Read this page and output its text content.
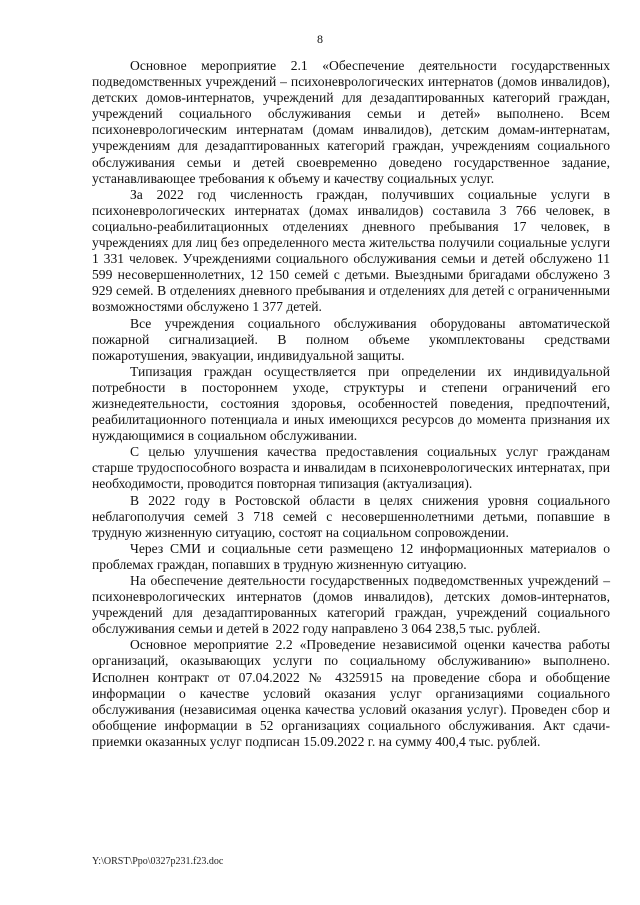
8

Основное мероприятие 2.1 «Обеспечение деятельности государственных подведомственных учреждений – психоневрологических интернатов (домов инвалидов), детских домов-интернатов, учреждений для дезадаптированных категорий граждан, учреждений социального обслуживания семьи и детей» выполнено. Всем психоневрологическим интернатам (домам инвалидов), детским домам-интернатам, учреждениям для дезадаптированных категорий граждан, учреждениям социального обслуживания семьи и детей своевременно доведено государственное задание, устанавливающее требования к объему и качеству социальных услуг.

За 2022 год численность граждан, получивших социальные услуги в психоневрологических интернатах (домах инвалидов) составила 3 766 человек, в социально-реабилитационных отделениях дневного пребывания 17 человек, в учреждениях для лиц без определенного места жительства получили социальные услуги 1 331 человек. Учреждениями социального обслуживания семьи и детей обслужено 11 599 несовершеннолетних, 12 150 семей с детьми. Выездными бригадами обслужено 3 929 семей. В отделениях дневного пребывания и отделениях для детей с ограниченными возможностями обслужено 1 377 детей.

Все учреждения социального обслуживания оборудованы автоматической пожарной сигнализацией. В полном объеме укомплектованы средствами пожаротушения, эвакуации, индивидуальной защиты.

Типизация граждан осуществляется при определении их индивидуальной потребности в постороннем уходе, структуры и степени ограничений его жизнедеятельности, состояния здоровья, особенностей поведения, предпочтений, реабилитационного потенциала и иных имеющихся ресурсов до момента признания их нуждающимися в социальном обслуживании.

С целью улучшения качества предоставления социальных услуг гражданам старше трудоспособного возраста и инвалидам в психоневрологических интернатах, при необходимости, проводится повторная типизация (актуализация).

В 2022 году в Ростовской области в целях снижения уровня социального неблагополучия семей 3 718 семей с несовершеннолетними детьми, попавшие в трудную жизненную ситуацию, состоят на социальном сопровождении.

Через СМИ и социальные сети размещено 12 информационных материалов о проблемах граждан, попавших в трудную жизненную ситуацию.

На обеспечение деятельности государственных подведомственных учреждений – психоневрологических интернатов (домов инвалидов), детских домов-интернатов, учреждений для дезадаптированных категорий граждан, учреждений социального обслуживания семьи и детей в 2022 году направлено 3 064 238,5 тыс. рублей.

Основное мероприятие 2.2 «Проведение независимой оценки качества работы организаций, оказывающих услуги по социальному обслуживанию» выполнено. Исполнен контракт от 07.04.2022 № 4325915 на проведение сбора и обобщение информации о качестве условий оказания услуг организациями социального обслуживания (независимая оценка качества условий оказания услуг). Проведен сбор и обобщение информации в 52 организациях социального обслуживания. Акт сдачи-приемки оказанных услуг подписан 15.09.2022 г. на сумму 400,4 тыс. рублей.

Y:\ORST\Ppo\0327p231.f23.doc
